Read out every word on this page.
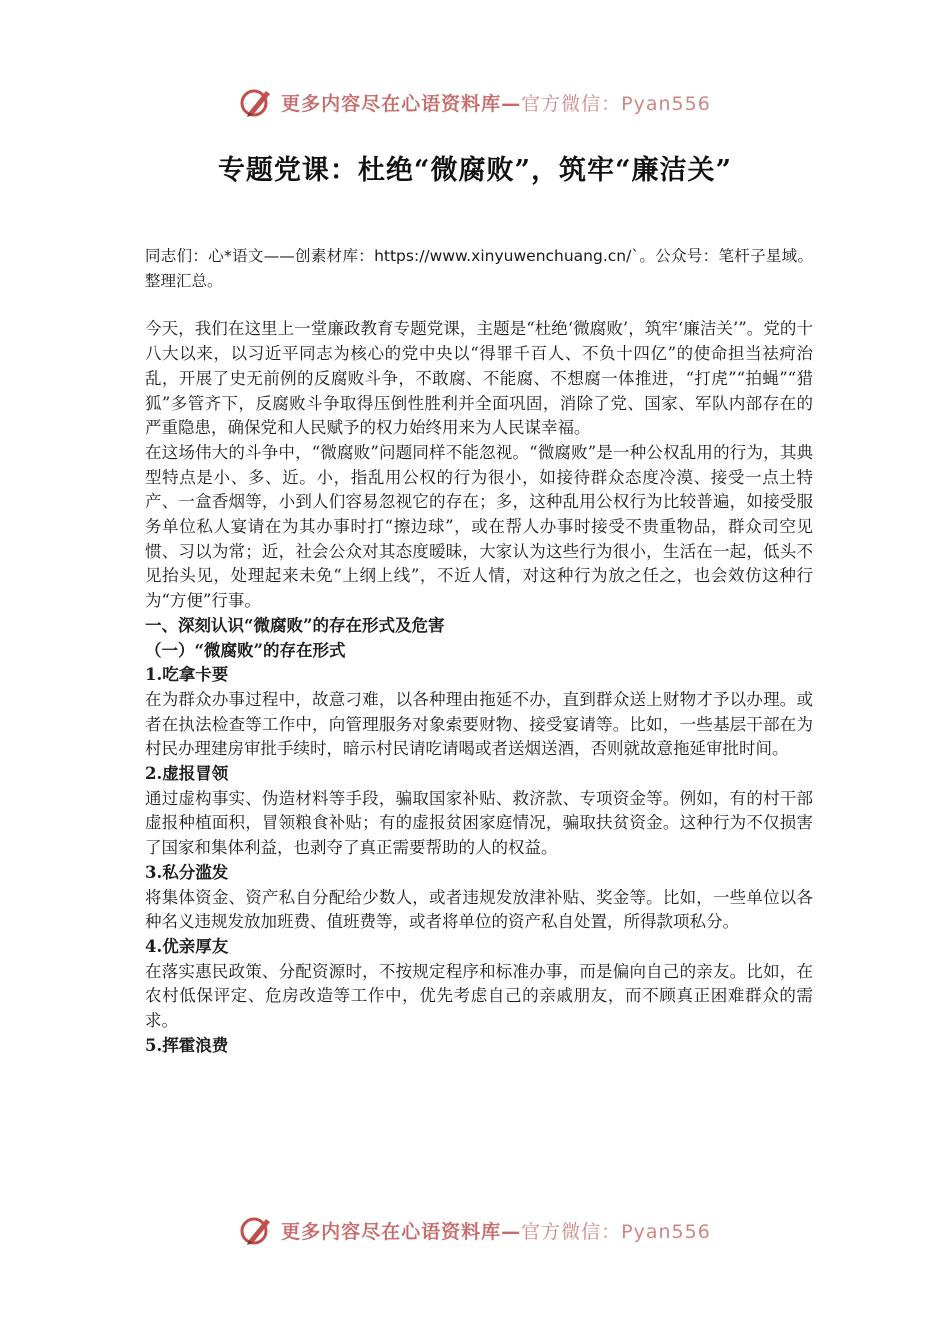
更多内容尽在心语资料库—官方微信：Pyan556
专题党课：杜绝“微腐败”，筑牢“廉洁关”

同志们：心*语文——创素材库：https://www.xinyuwenchuang.cn/`。公众号：笔杆子星域。整理汇总。

今天，我们在这里上一堂廉政教育专题党课，主题是“杜绝‘微腐败’，筑牢‘廉洁关’”。党的十八大以来，以习近平同志为核心的党中央以“得罪千百人、不负十四亿”的使命担当祛疴治乱，开展了史无前例的反腐败斗争，不敢腐、不能腐、不想腐一体推进，“打虎”“拍蝇”“猎狐”多管齐下，反腐败斗争取得压倒性胜利并全面巩固，消除了党、国家、军队内部存在的严重隐患，确保党和人民赋予的权力始终用来为人民谋幸福。

在这场伟大的斗争中，“微腐败”问题同样不能忽视。“微腐败”是一种公权乱用的行为，其典型特点是小、多、近。小，指乱用公权的行为很小，如接待群众态度冷漠、接受一点土特产、一盒香烟等，小到人们容易忽视它的存在；多，这种乱用公权行为比较普遍，如接受服务单位私人宴请在为其办事时打“擦边球”，或在帮人办事时接受不贵重物品，群众司空见惯、习以为常；近，社会公众对其态度暧昧，大家认为这些行为很小，生活在一起，低头不见抬头见，处理起来未免“上纲上线”，不近人情，对这种行为放之任之，也会效仿这种行为“方便”行事。

一、深刻认识“微腐败”的存在形式及危害

（一）“微腐败”的存在形式

1.吃拿卡要

在为群众办事过程中，故意刁难，以各种理由拖延不办，直到群众送上财物才予以办理。或者在执法检查等工作中，向管理服务对象索要财物、接受宴请等。比如，一些基层干部在为村民办理建房审批手续时，暗示村民请吃请喝或者送烟送酒，否则就故意拖延审批时间。

2.虚报冒领

通过虚构事实、伪造材料等手段，骗取国家补贴、救济款、专项资金等。例如，有的村干部虚报种植面积，冒领粮食补贴；有的虚报贫困家庭情况，骗取扶贫资金。这种行为不仅损害了国家和集体利益，也剥夺了真正需要帮助的人的权益。

3.私分滥发

将集体资金、资产私自分配给少数人，或者违规发放津补贴、奖金等。比如，一些单位以各种名义违规发放加班费、值班费等，或者将单位的资产私自处置，所得款项私分。

4.优亲厚友

在落实惠民政策、分配资源时，不按规定程序和标准办事，而是偏向自己的亲友。比如，在农村低保评定、危房改造等工作中，优先考虑自己的亲戚朋友，而不顾真正困难群众的需求。

5.挥霍浪费

更多内容尽在心语资料库—官方微信：Pyan556
